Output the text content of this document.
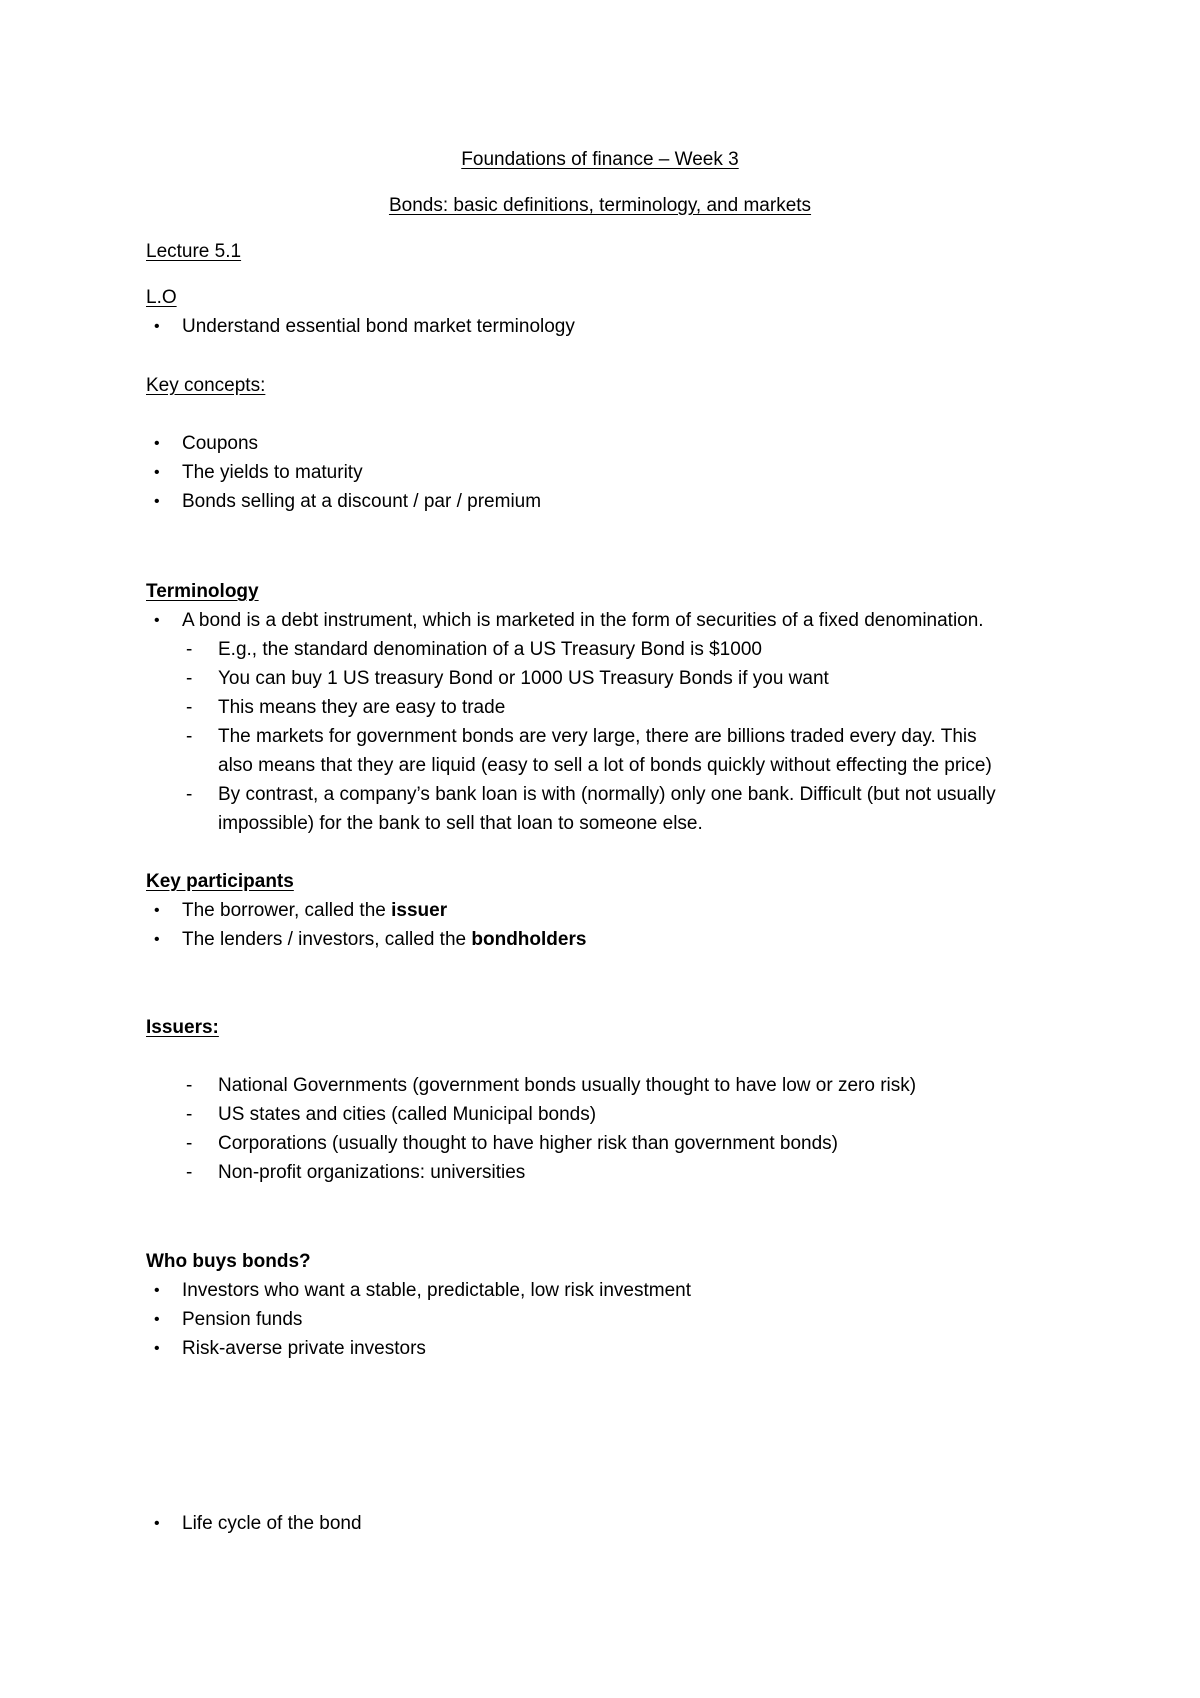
Foundations of finance – Week 3
Bonds: basic definitions, terminology, and markets
Lecture 5.1
L.O
• Understand essential bond market terminology
Key concepts:
• Coupons
• The yields to maturity
• Bonds selling at a discount / par / premium
Terminology
• A bond is a debt instrument, which is marketed in the form of securities of a fixed denomination.
- E.g., the standard denomination of a US Treasury Bond is $1000
- You can buy 1 US treasury Bond or 1000 US Treasury Bonds if you want
- This means they are easy to trade
- The markets for government bonds are very large, there are billions traded every day. This
also means that they are liquid (easy to sell a lot of bonds quickly without effecting the price)
- By contrast, a company’s bank loan is with (normally) only one bank. Difficult (but not usually
impossible) for the bank to sell that loan to someone else.
Key participants
• The borrower, called the issuer
• The lenders / investors, called the bondholders
Issuers:
- National Governments (government bonds usually thought to have low or zero risk)
- US states and cities (called Municipal bonds)
- Corporations (usually thought to have higher risk than government bonds)
- Non-profit organizations: universities
Who buys bonds?
• Investors who want a stable, predictable, low risk investment
• Pension funds
• Risk-averse private investors
• Life cycle of the bond
